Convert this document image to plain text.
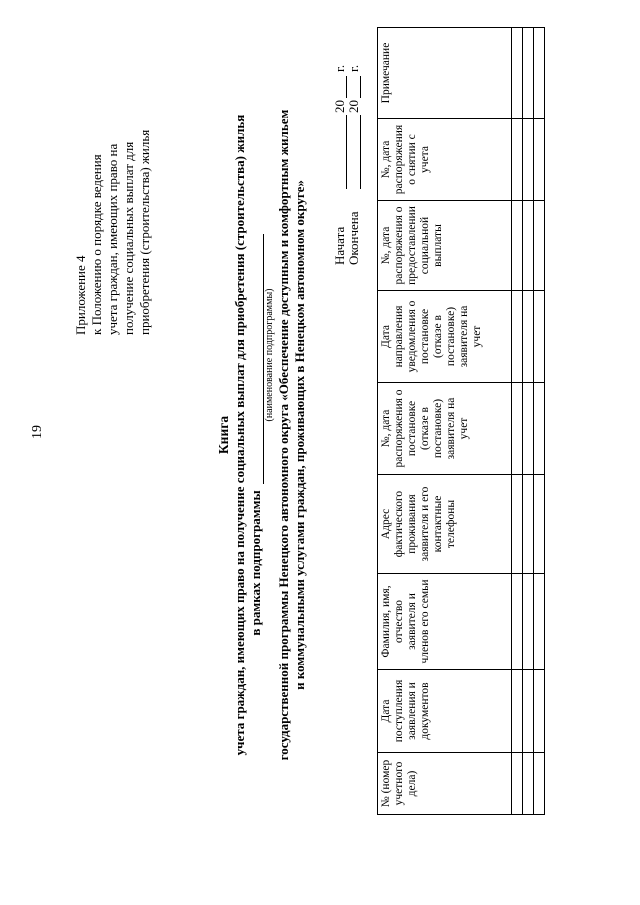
19
Приложение 4 к Положению о порядке ведения учета граждан, имеющих право на получение социальных выплат для приобретения (строительства) жилья
Книга учета граждан, имеющих право на получение социальных выплат для приобретения (строительства) жилья в рамках подпрограммы
(наименование подпрограммы) государственной программы Ненецкого автономного округа «Обеспечение доступным и комфортным жильем и коммунальными услугами граждан, проживающих в Ненецком автономном округе» Начата
20
г.
Окончена
20
г.
№ (номер учетного дела)	Дата поступления заявления и документов	Фамилия, имя, отчество заявителя и членов его семьи	Адрес фактического проживания заявителя и его контактные телефоны	№, дата распоряжения о постановке (отказе в постановке) заявителя на учет	Дата направления уведомления о постановке (отказе в постановке) заявителя на учет	№, дата распоряжения о предоставлении социальной выплаты	№, дата распоряжения о снятии с учета	Примечание
